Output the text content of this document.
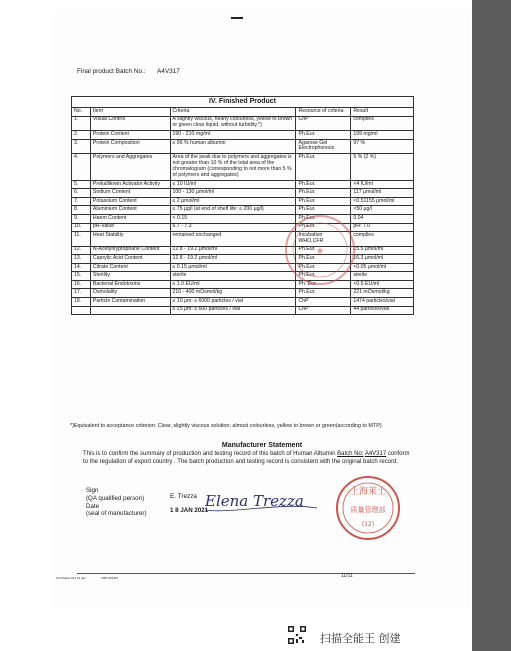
Final product Batch No.: A4V317
IV. Finished Product				
No.	Item	Criteria	Resource of criteria	Result
1.	Visual Control	A slightly viscous, nearly colourless, yellow to brown or green clear liquid, without turbidity.*)	ChP	complies
2.	Protein Content	190 - 210 mg/ml	Ph.Eur.	199 mg/ml
3.	Protein Composition	≥ 96 % human albumin	Agarose Gel Electrophoresis	97 %
4.	Polymers and Aggregates	Area of the peak due to polymers and aggregates is not greater than 10 % of the total area of the chromatogram (corresponding to not more than 5 % of polymers and aggregates)	Ph.Eur.	5 % (2 %)
5.	Prekallikrein Activator Activity	≤ 10 IU/ml	Ph.Eur.	<4 IU/ml
6.	Sodium Content	100 - 130 µmol/ml	Ph.Eur.	117 µmol/ml
7.	Potassium Content	≤ 2 µmol/ml	Ph.Eur.	<0.51155 µmol/ml
8.	Aluminium Content	≤ 75 µg/l (at end of shelf life: ≤ 200 µg/l)	Ph.Eur.	<50 µg/l
9.	Haem Content	< 0.15	Ph.Eur.	0.04
10.	pH-Value	6.7 - 7.3	Ph.Eur.	pH: 7.0
11.	Heat Stability	remained unchanged	Incubation WHO,CFR	complies
12.	N-Acetyltryptophane Content	12.8 - 19.2 µmol/ml	Ph.Eur.	15.5 µmol/ml
13.	Caprylic Acid Content	12.8 - 19.2 µmol/ml	Ph.Eur.	16.3 µmol/ml
14.	Citrate Content	≤ 0.15 µmol/ml	Ph.Eur.	<0.05 µmol/ml
15.	Sterility	sterile	Ph.Eur.	sterile
16.	Bacterial Endotoxins	≤ 1.0 EU/ml	Ph. Eur.	<0.5 EU/ml
17.	Osmolality	210 - 400 mOsmol/kg	Ph.Eur.	221 mOsmol/kg
18.	Particle Contamination	≥ 10 µm: ≤ 6000 particles / vial	ChP	1474 particles/vial
		≥ 25 µm: ≤ 600 particles / vial	ChP	44 particles/vial
★
*)Equivalent to acceptance criterion: Clear, slightly viscous solution; almost colourless, yellow to brown or green(according to MTP).
Manufacturer Statement
This is to confirm the summary of production and testing record of this batch of Human Albumin Batch No: A4V317 conform to the regulation of export country . The batch production and testing record is consistent with the original batch record.
Sign
(QA qualified person)
Date
(seal of manufacturer)
E. Trezza
1 8 JAN 2021
Elena Trezza	上海莱士
质量管理部
(12)
A4 Charta YS1 01 doc	TMP-001457	11/11
扫描全能王 创建
